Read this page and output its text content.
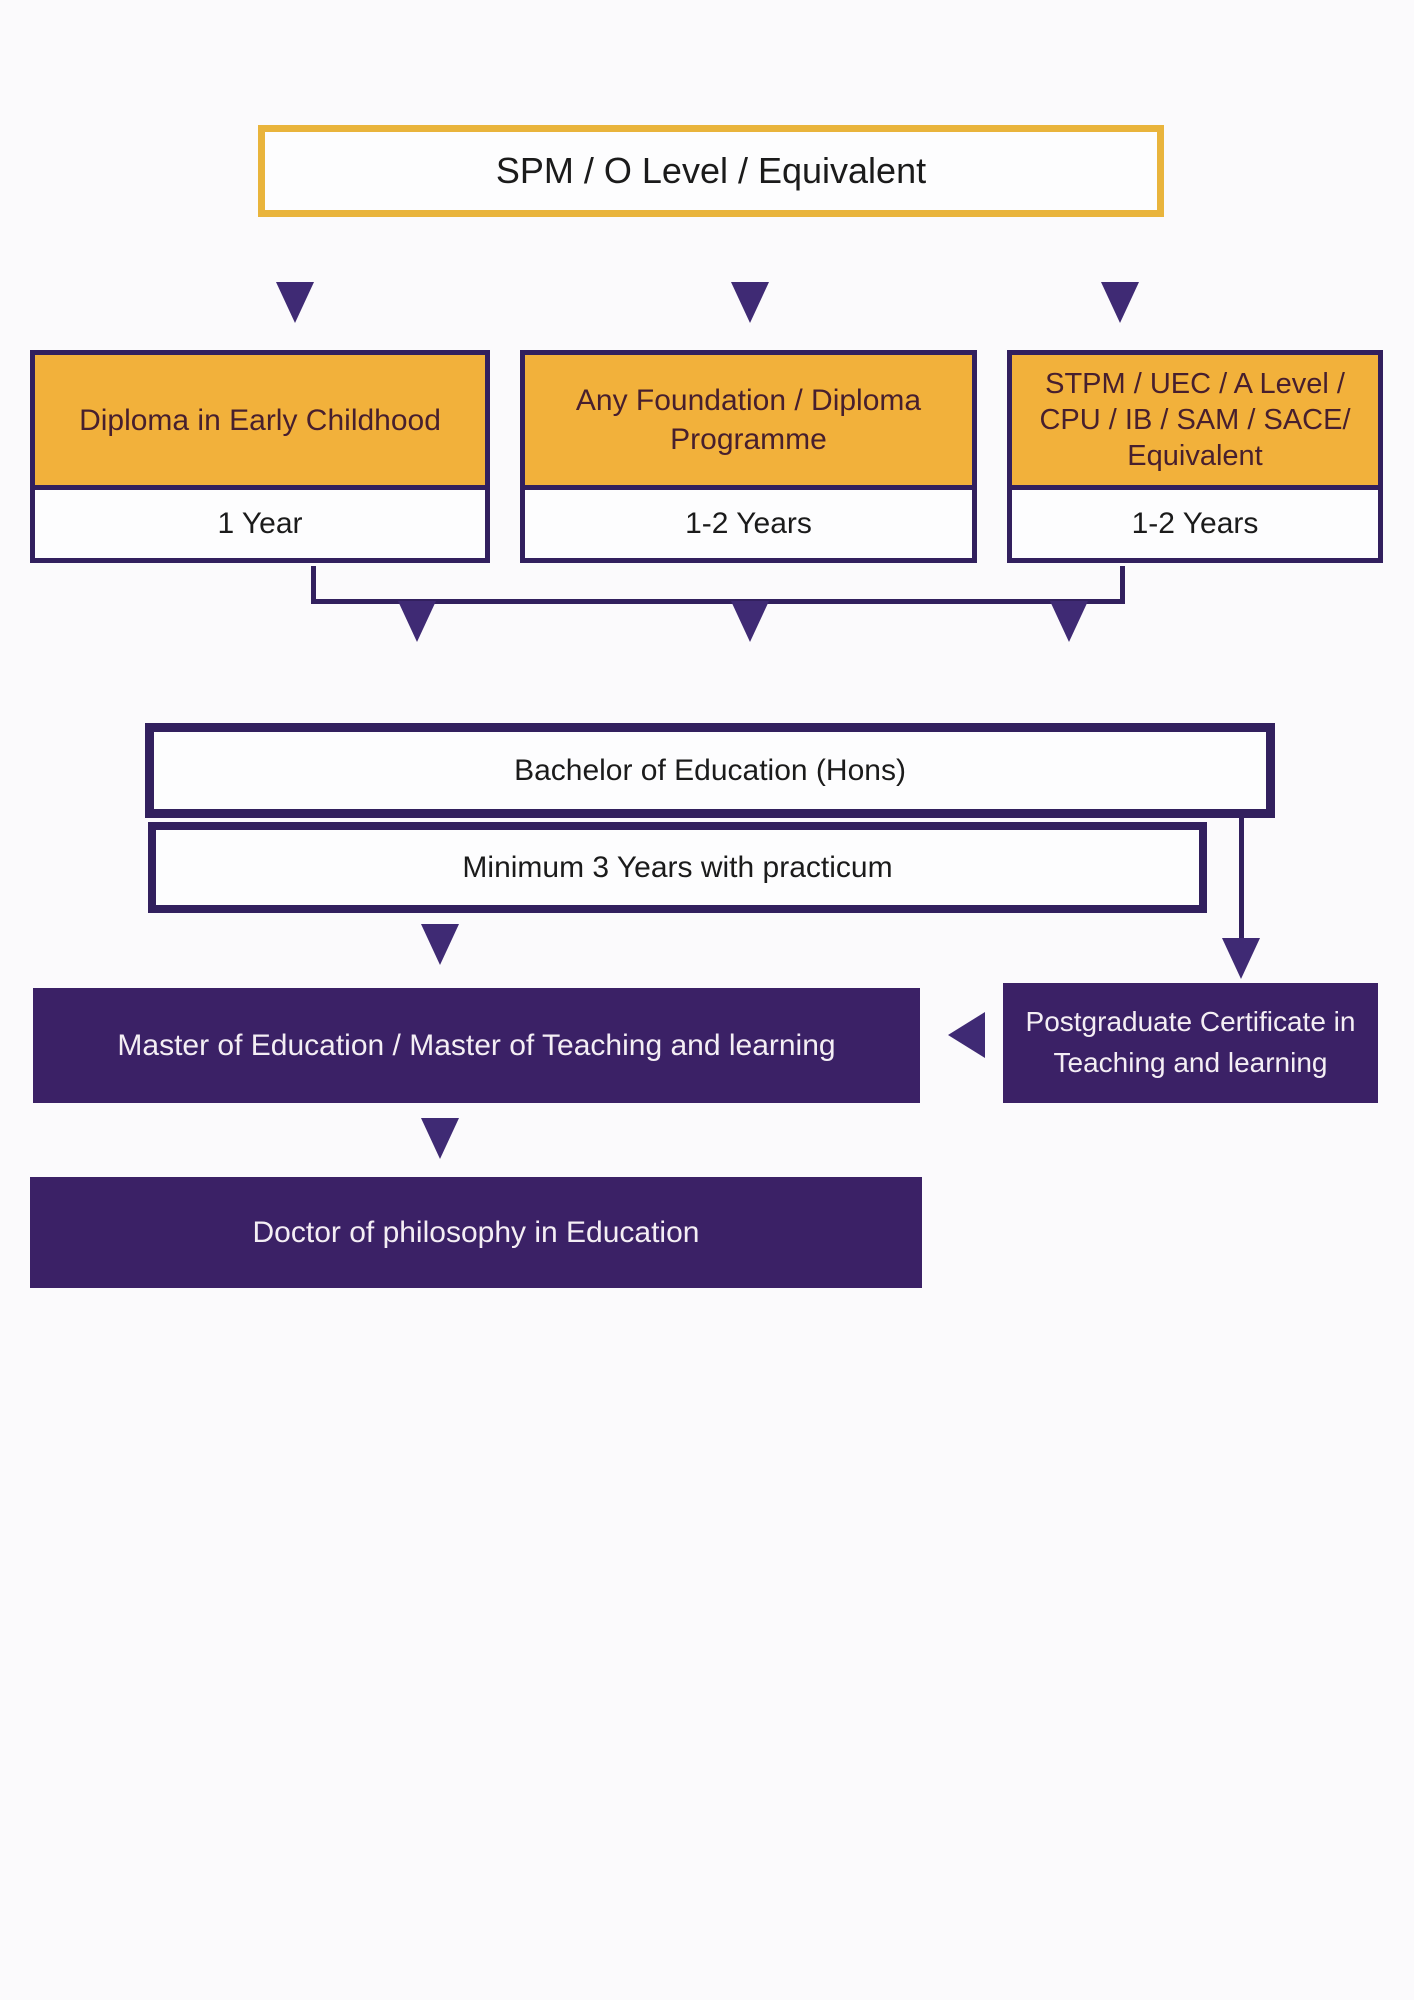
SPM / O Level / Equivalent
Diploma in Early Childhood
1 Year
Any Foundation / Diploma Programme
1-2 Years
STPM / UEC / A Level / CPU / IB / SAM / SACE/ Equivalent
1-2 Years
Bachelor of Education (Hons)
Minimum 3 Years with practicum
Master of Education / Master of Teaching and learning
Postgraduate Certificate in Teaching and learning
Doctor of philosophy in Education
